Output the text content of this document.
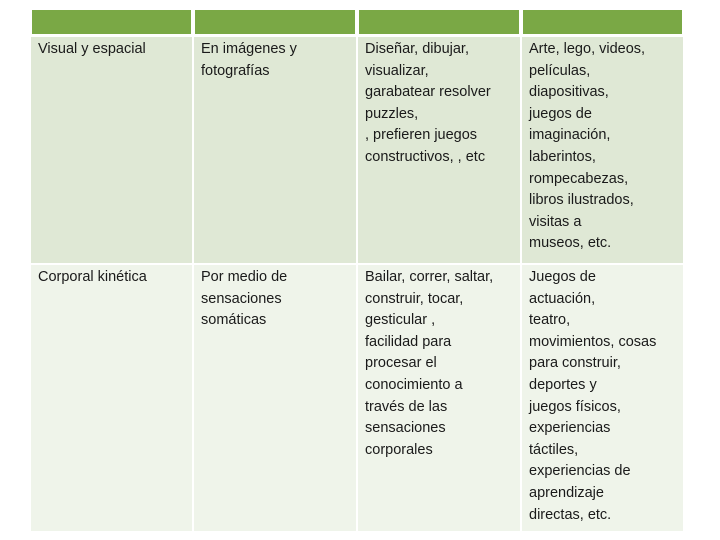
Visual y espacial	En imágenes y
fotografías
Diseñar, dibujar,
visualizar,
garabatear resolver
puzzles,
, prefieren juegos
constructivos, , etc
Arte, lego, videos,
películas,
diapositivas,
juegos de
imaginación,
laberintos,
rompecabezas,
libros ilustrados,
visitas a
museos, etc.
Corporal kinética	Por medio de
sensaciones
somáticas
Bailar, correr, saltar,
construir, tocar,
gesticular ,
facilidad para
procesar el
conocimiento a
través de las
sensaciones
corporales
Juegos de
actuación,
teatro,
movimientos, cosas
para construir,
deportes y
juegos físicos,
experiencias
táctiles,
experiencias de
aprendizaje
directas, etc.
